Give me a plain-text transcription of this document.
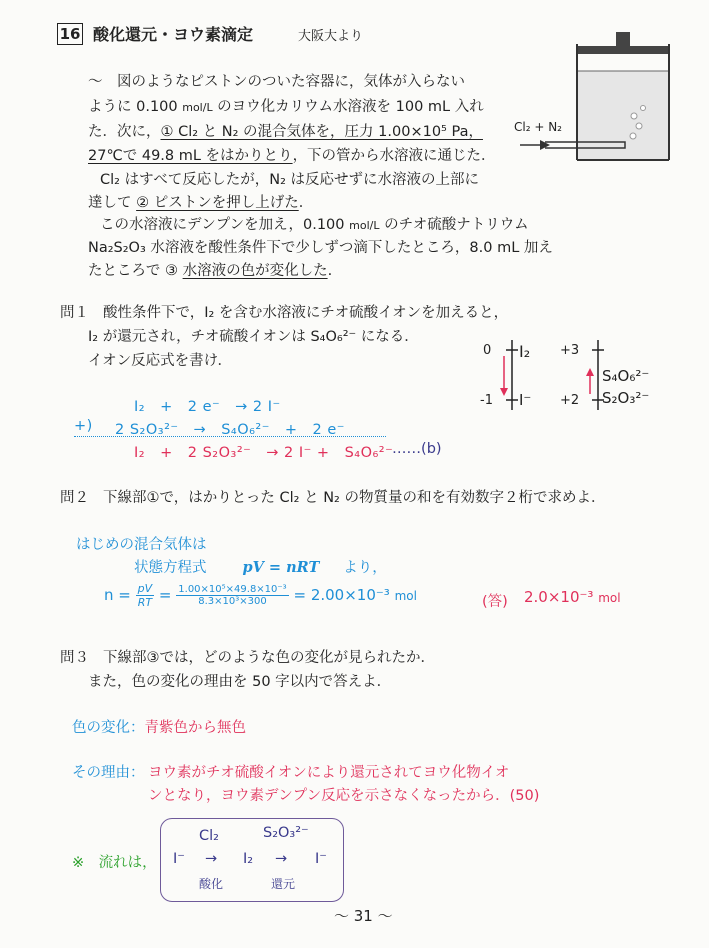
16 酸化還元・ヨウ素滴定	大阪大より
～　図のようなピストンのついた容器に，気体が入らない
ように 0.100 mol/L のヨウ化カリウム水溶液を 100 mL 入れ
た．次に，① Cl₂ と N₂ の混合気体を，圧力 1.00×10⁵ Pa，
27℃で 49.8 mL をはかりとり，下の管から水溶液に通じた．
Cl₂ はすべて反応したが，N₂ は反応せずに水溶液の上部に
達して ② ピストンを押し上げた．
この水溶液にデンプンを加え，0.100 mol/L のチオ硫酸ナトリウム
Na₂S₂O₃ 水溶液を酸性条件下で少しずつ滴下したところ，8.0 mL 加え
たところで ③ 水溶液の色が変化した.
Cl₂ + N₂
問１ 酸性条件下で，I₂ を含む水溶液にチオ硫酸イオンを加えると，
I₂ が還元され，チオ硫酸イオンは S₄O₆²⁻ になる．
イオン反応式を書け．
0
-1
I₂
I⁻
+3
+2
S₄O₆²⁻
S₂O₃²⁻
I₂　+　2 e⁻　→ 2 I⁻
+) 2 S₂O₃²⁻　→　S₄O₆²⁻　+　2 e⁻
I₂　+　2 S₂O₃²⁻　→ 2 I⁻ +　S₄O₆²⁻
‥‥‥(b)
問２ 下線部①で，はかりとった Cl₂ と N₂ の物質量の和を有効数字２桁で求めよ．
はじめの混合気体は
状態方程式 pV = nRT より，
$n = \frac{pV}{RT} = \frac{\text{1.00×10⁵×49.8×10⁻³}}{\text{8.3×10³×300}} = 2.00\times 10^{-3}$ mol	(答) 2.0×10⁻³ mol
問３ 下線部③では，どのような色の変化が見られたか．
また，色の変化の理由を 50 字以内で答えよ．
色の変化：青紫色から無色
その理由： ヨウ素がチオ硫酸イオンにより還元されてヨウ化物イオ
ンとなり，ヨウ素デンプン反応を示さなくなったから．(50)
※　流れは，
Cl₂	S₂O₃²⁻
I⁻ → I₂ → I⁻
酸化	還元
～ 31 ～
